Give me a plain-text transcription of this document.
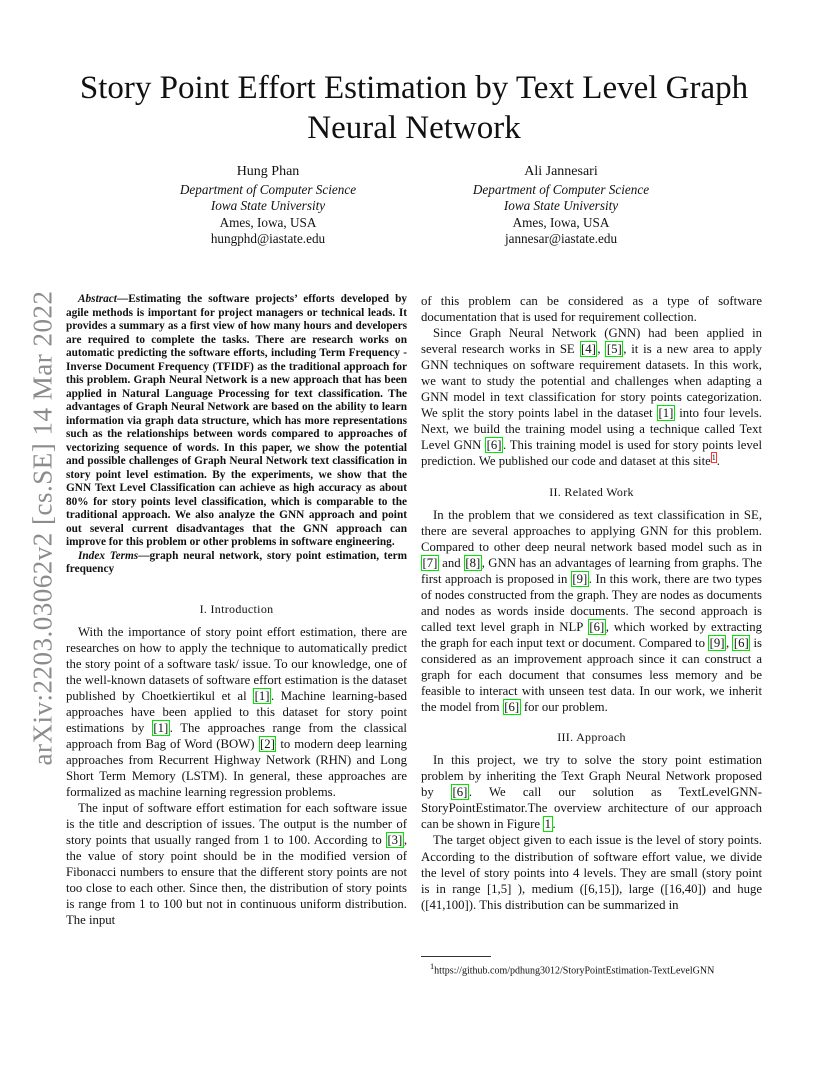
Story Point Effort Estimation by Text Level Graph
Neural Network
Hung Phan
Department of Computer Science
Iowa State University
Ames, Iowa, USA
hungphd@iastate.edu
Ali Jannesari
Department of Computer Science
Iowa State University
Ames, Iowa, USA
jannesar@iastate.edu
arXiv:2203.03062v2 [cs.SE] 14 Mar 2022	Abstract—Estimating the software projects’ efforts developed by agile methods is important for project managers or technical leads. It provides a summary as a first view of how many hours and developers are required to complete the tasks. There are research works on automatic predicting the software efforts, including Term Frequency - Inverse Document Frequency (TFIDF) as the traditional approach for this problem. Graph Neural Network is a new approach that has been applied in Natural Language Processing for text classification. The advantages of Graph Neural Network are based on the ability to learn information via graph data structure, which has more representations such as the relationships between words compared to approaches of vectorizing sequence of words. In this paper, we show the potential and possible challenges of Graph Neural Network text classification in story point level estimation. By the experiments, we show that the GNN Text Level Classification can achieve as high accuracy as about 80% for story points level classification, which is comparable to the traditional approach. We also analyze the GNN approach and point out several current disadvantages that the GNN approach can improve for this problem or other problems in software engineering.

Index Terms—graph neural network, story point estimation, term frequency

I. Introduction

With the importance of story point effort estimation, there are researches on how to apply the technique to automatically predict the story point of a software task/ issue. To our knowledge, one of the well-known datasets of software effort estimation is the dataset published by Choetkiertikul et al [1] . Machine learning-based approaches have been applied to this dataset for story point estimations by [1] . The approaches range from the classical approach from Bag of Word (BOW) [2] to modern deep learning approaches from Recurrent Highway Network (RHN) and Long Short Term Memory (LSTM). In general, these approaches are formalized as machine learning regression problems.

The input of software effort estimation for each software issue is the title and description of issues. The output is the number of story points that usually ranged from 1 to 100. According to [3] , the value of story point should be in the modified version of Fibonacci numbers to ensure that the different story points are not too close to each other. Since then, the distribution of story points is range from 1 to 100 but not in continuous uniform distribution. The input

of this problem can be considered as a type of software documentation that is used for requirement collection.

Since Graph Neural Network (GNN) had been applied in several research works in SE [4] , [5] , it is a new area to apply GNN techniques on software requirement datasets. In this work, we want to study the potential and challenges when adapting a GNN model in text classification for story points categorization. We split the story points label in the dataset [1] into four levels. Next, we build the training model using a technique called Text Level GNN [6] . This training model is used for story points level prediction. We published our code and dataset at this site$^1$.

II. Related Work

In the problem that we considered as text classification in SE, there are several approaches to applying GNN for this problem. Compared to other deep neural network based model such as in [7] and [8] , GNN has an advantages of learning from graphs. The first approach is proposed in [9] . In this work, there are two types of nodes constructed from the graph. They are nodes as documents and nodes as words inside documents. The second approach is called text level graph in NLP [6] , which worked by extracting the graph for each input text or document. Compared to [9] , [6] is considered as an improvement approach since it can construct a graph for each document that consumes less memory and be feasible to interact with unseen test data. In our work, we inherit the model from [6] for our problem.

III. Approach

In this project, we try to solve the story point estimation problem by inheriting the Text Graph Neural Network proposed by [6] . We call our solution as TextLevelGNN-StoryPointEstimator.The overview architecture of our approach can be shown in Figure 1 .

The target object given to each issue is the level of story points. According to the distribution of software effort value, we divide the level of story points into 4 levels. They are small (story point is in range [1,5] ), medium ([6,15]), large ([16,40]) and huge ([41,100]). This distribution can be summarized in

$^1$https://github.com/pdhung3012/StoryPointEstimation-TextLevelGNN
